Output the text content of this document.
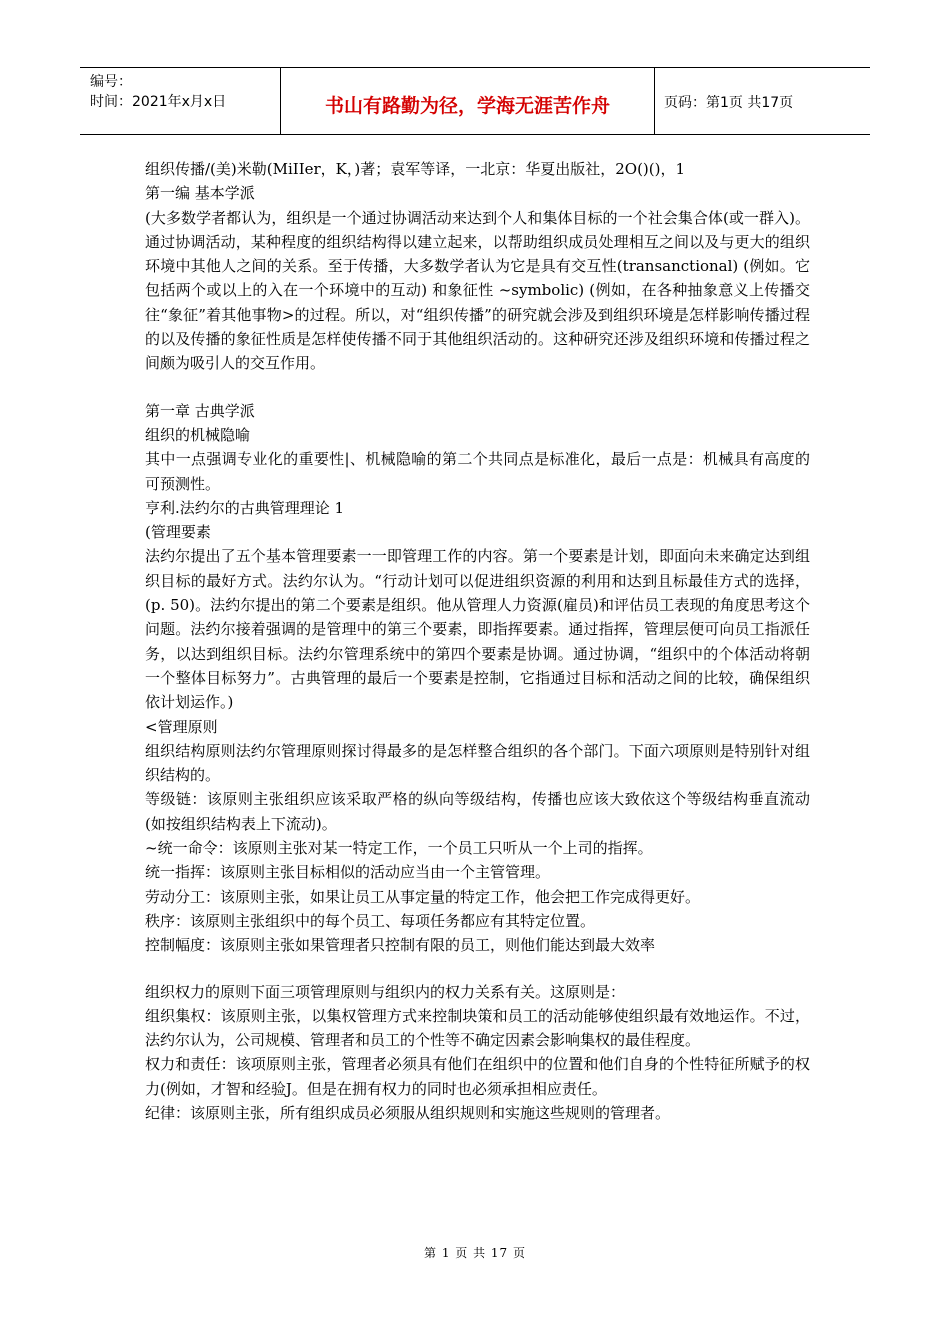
编号：
时间：2021年x月x日	书山有路勤为径，学海无涯苦作舟	页码：第1页 共17页

组织传播/(美)米勒(MiIIer，K，)著；袁军等译，一北京：华夏出版社，2O()()，1

第一编 基本学派

(大多数学者都认为，组织是一个通过协调活动来达到个人和集体目标的一个社会集合体(或一群入)。通过协调活动，某种程度的组织结构得以建立起来，以帮助组织成员处理相互之间以及与更大的组织环境中其他人之间的关系。至于传播，大多数学者认为它是具有交互性(transanctional) (例如。它包括两个或以上的入在一个环境中的互动) 和象征性 ~symbolic) (例如，在各种抽象意义上传播交往“象征”着其他事物>的过程。所以，对“组织传播”的研究就会涉及到组织环境是怎样影响传播过程的以及传播的象征性质是怎样使传播不同于其他组织活动的。这种研究还涉及组织环境和传播过程之间颇为吸引人的交互作用。

第一章 古典学派

组织的机械隐喻

其中一点强调专业化的重要性|、机械隐喻的第二个共同点是标准化，最后一点是：机械具有高度的可预测性。

亨利.法约尔的古典管理理论 1

(管理要素

法约尔提出了五个基本管理要素一一即管理工作的内容。第一个要素是计划，即面向未来确定达到组织目标的最好方式。法约尔认为。“行动计划可以促进组织资源的利用和达到且标最佳方式的选择，(p. 50)。法约尔提出的第二个要素是组织。他从管理人力资源(雇员)和评估员工表现的角度思考这个问题。法约尔接着强调的是管理中的第三个要素，即指挥要素。通过指挥，管理层便可向员工指派任务，以达到组织目标。法约尔管理系统中的第四个要素是协调。通过协调，“组织中的个体活动将朝一个整体目标努力”。古典管理的最后一个要素是控制，它指通过目标和活动之间的比较，确保组织依计划运作。)

<管理原则

组织结构原则法约尔管理原则探讨得最多的是怎样整合组织的各个部门。下面六项原则是特别针对组织结构的。

等级链：该原则主张组织应该采取严格的纵向等级结构，传播也应该大致依这个等级结构垂直流动(如按组织结构表上下流动)。

~统一命令：该原则主张对某一特定工作，一个员工只听从一个上司的指挥。

统一指挥：该原则主张目标相似的活动应当由一个主管管理。

劳动分工：该原则主张，如果让员工从事定量的特定工作，他会把工作完成得更好。

秩序：该原则主张组织中的每个员工、每项任务都应有其特定位置。

控制幅度：该原则主张如果管理者只控制有限的员工，则他们能达到最大效率

组织权力的原则下面三项管理原则与组织内的权力关系有关。这原则是：

组织集权：该原则主张，以集权管理方式来控制块策和员工的活动能够使组织最有效地运作。不过，法约尔认为，公司规模、管理者和员工的个性等不确定因素会影响集权的最佳程度。

权力和责任：该项原则主张，管理者必须具有他们在组织中的位置和他们自身的个性特征所赋予的权力(例如，才智和经验J。但是在拥有权力的同时也必须承担相应责任。

纪律：该原则主张，所有组织成员必须服从组织规则和实施这些规则的管理者。

第 1 页 共 17 页
